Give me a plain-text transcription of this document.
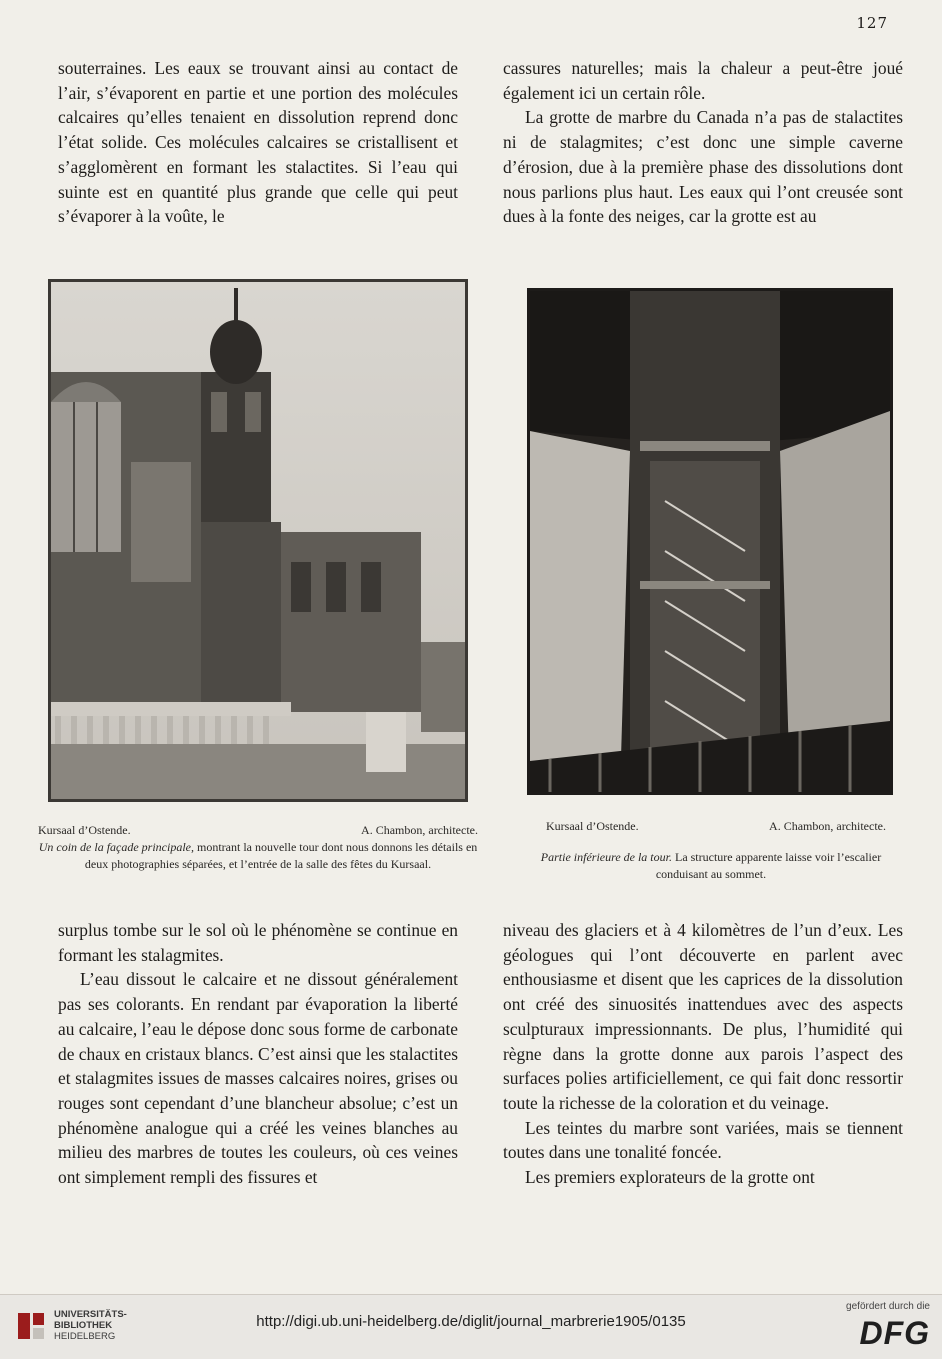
127

souterraines. Les eaux se trouvant ainsi au contact de l’air, s’évaporent en partie et une portion des molécules calcaires qu’elles tenaient en dissolution reprend donc l’état solide. Ces molécules calcaires se cristallisent et s’agglomèrent en formant les stalactites. Si l’eau qui suinte est en quantité plus grande que celle qui peut s’évaporer à la voûte, le

cassures naturelles; mais la chaleur a peut-être joué également ici un certain rôle.

La grotte de marbre du Canada n’a pas de stalactites ni de stalagmites; c’est donc une simple caverne d’érosion, due à la première phase des dissolutions dont nous parlions plus haut. Les eaux qui l’ont creusée sont dues à la fonte des neiges, car la grotte est au

Kursaal d’Ostende.	A. Chambon, architecte.
Un coin de la façade principale, montrant la nouvelle tour dont nous donnons les détails en deux photographies séparées, et l’entrée de la salle des fêtes du Kursaal.
Kursaal d’Ostende.	A. Chambon, architecte.
Partie inférieure de la tour. La structure apparente laisse voir l’escalier conduisant au sommet.

surplus tombe sur le sol où le phénomène se continue en formant les stalagmites.

L’eau dissout le calcaire et ne dissout généralement pas ses colorants. En rendant par évaporation la liberté au calcaire, l’eau le dépose donc sous forme de carbonate de chaux en cristaux blancs. C’est ainsi que les stalactites et stalagmites issues de masses calcaires noires, grises ou rouges sont cependant d’une blancheur absolue; c’est un phénomène analogue qui a créé les veines blanches au milieu des marbres de toutes les couleurs, où ces veines ont simplement rempli des fissures et

niveau des glaciers et à 4 kilomètres de l’un d’eux. Les géologues qui l’ont découverte en parlent avec enthousiasme et disent que les caprices de la dissolution ont créé des sinuosités inattendues avec des aspects sculpturaux impressionnants. De plus, l’humidité qui règne dans la grotte donne aux parois l’aspect des surfaces polies artificiellement, ce qui fait donc ressortir toute la richesse de la coloration et du veinage.

Les teintes du marbre sont variées, mais se tiennent toutes dans une tonalité foncée.

Les premiers explorateurs de la grotte ont

UNIVERSITÄTS-
BIBLIOTHEK
HEIDELBERG
http://digi.ub.uni-heidelberg.de/diglit/journal_marbrerie1905/0135
gefördert durch die
DFG
